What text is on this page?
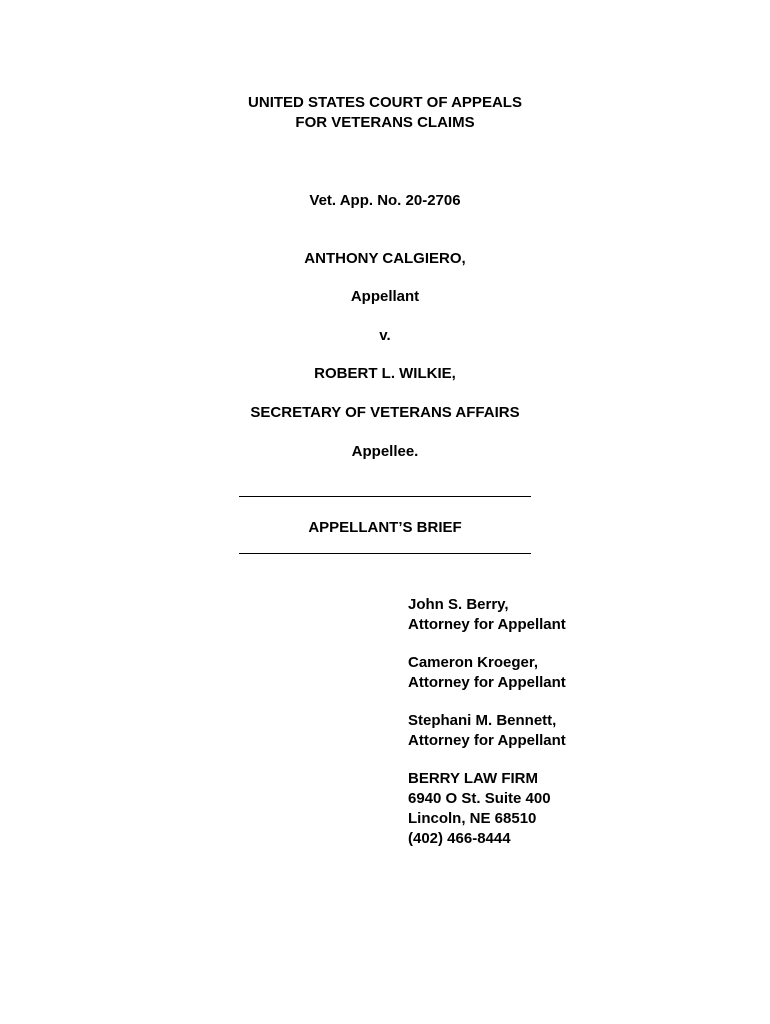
UNITED STATES COURT OF APPEALS
FOR VETERANS CLAIMS
Vet. App. No. 20-2706
ANTHONY CALGIERO,
Appellant
v.
ROBERT L. WILKIE,
SECRETARY OF VETERANS AFFAIRS
Appellee.
APPELLANT’S BRIEF
John S. Berry,
Attorney for Appellant
Cameron Kroeger,
Attorney for Appellant
Stephani M. Bennett,
Attorney for Appellant
BERRY LAW FIRM
6940 O St. Suite 400
Lincoln, NE 68510
(402) 466-8444
